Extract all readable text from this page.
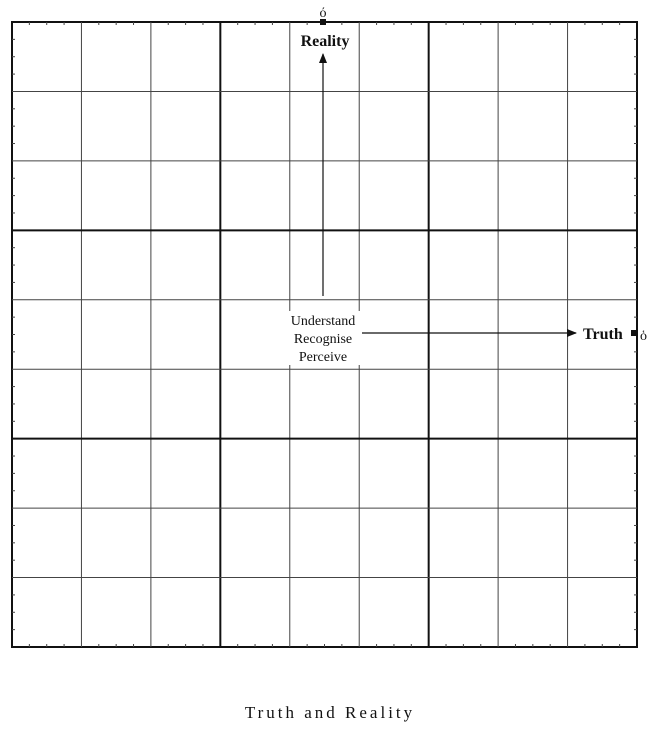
Understand
Recognise
Perceive
Reality
ό
Truth ὁ
Truth and Reality
